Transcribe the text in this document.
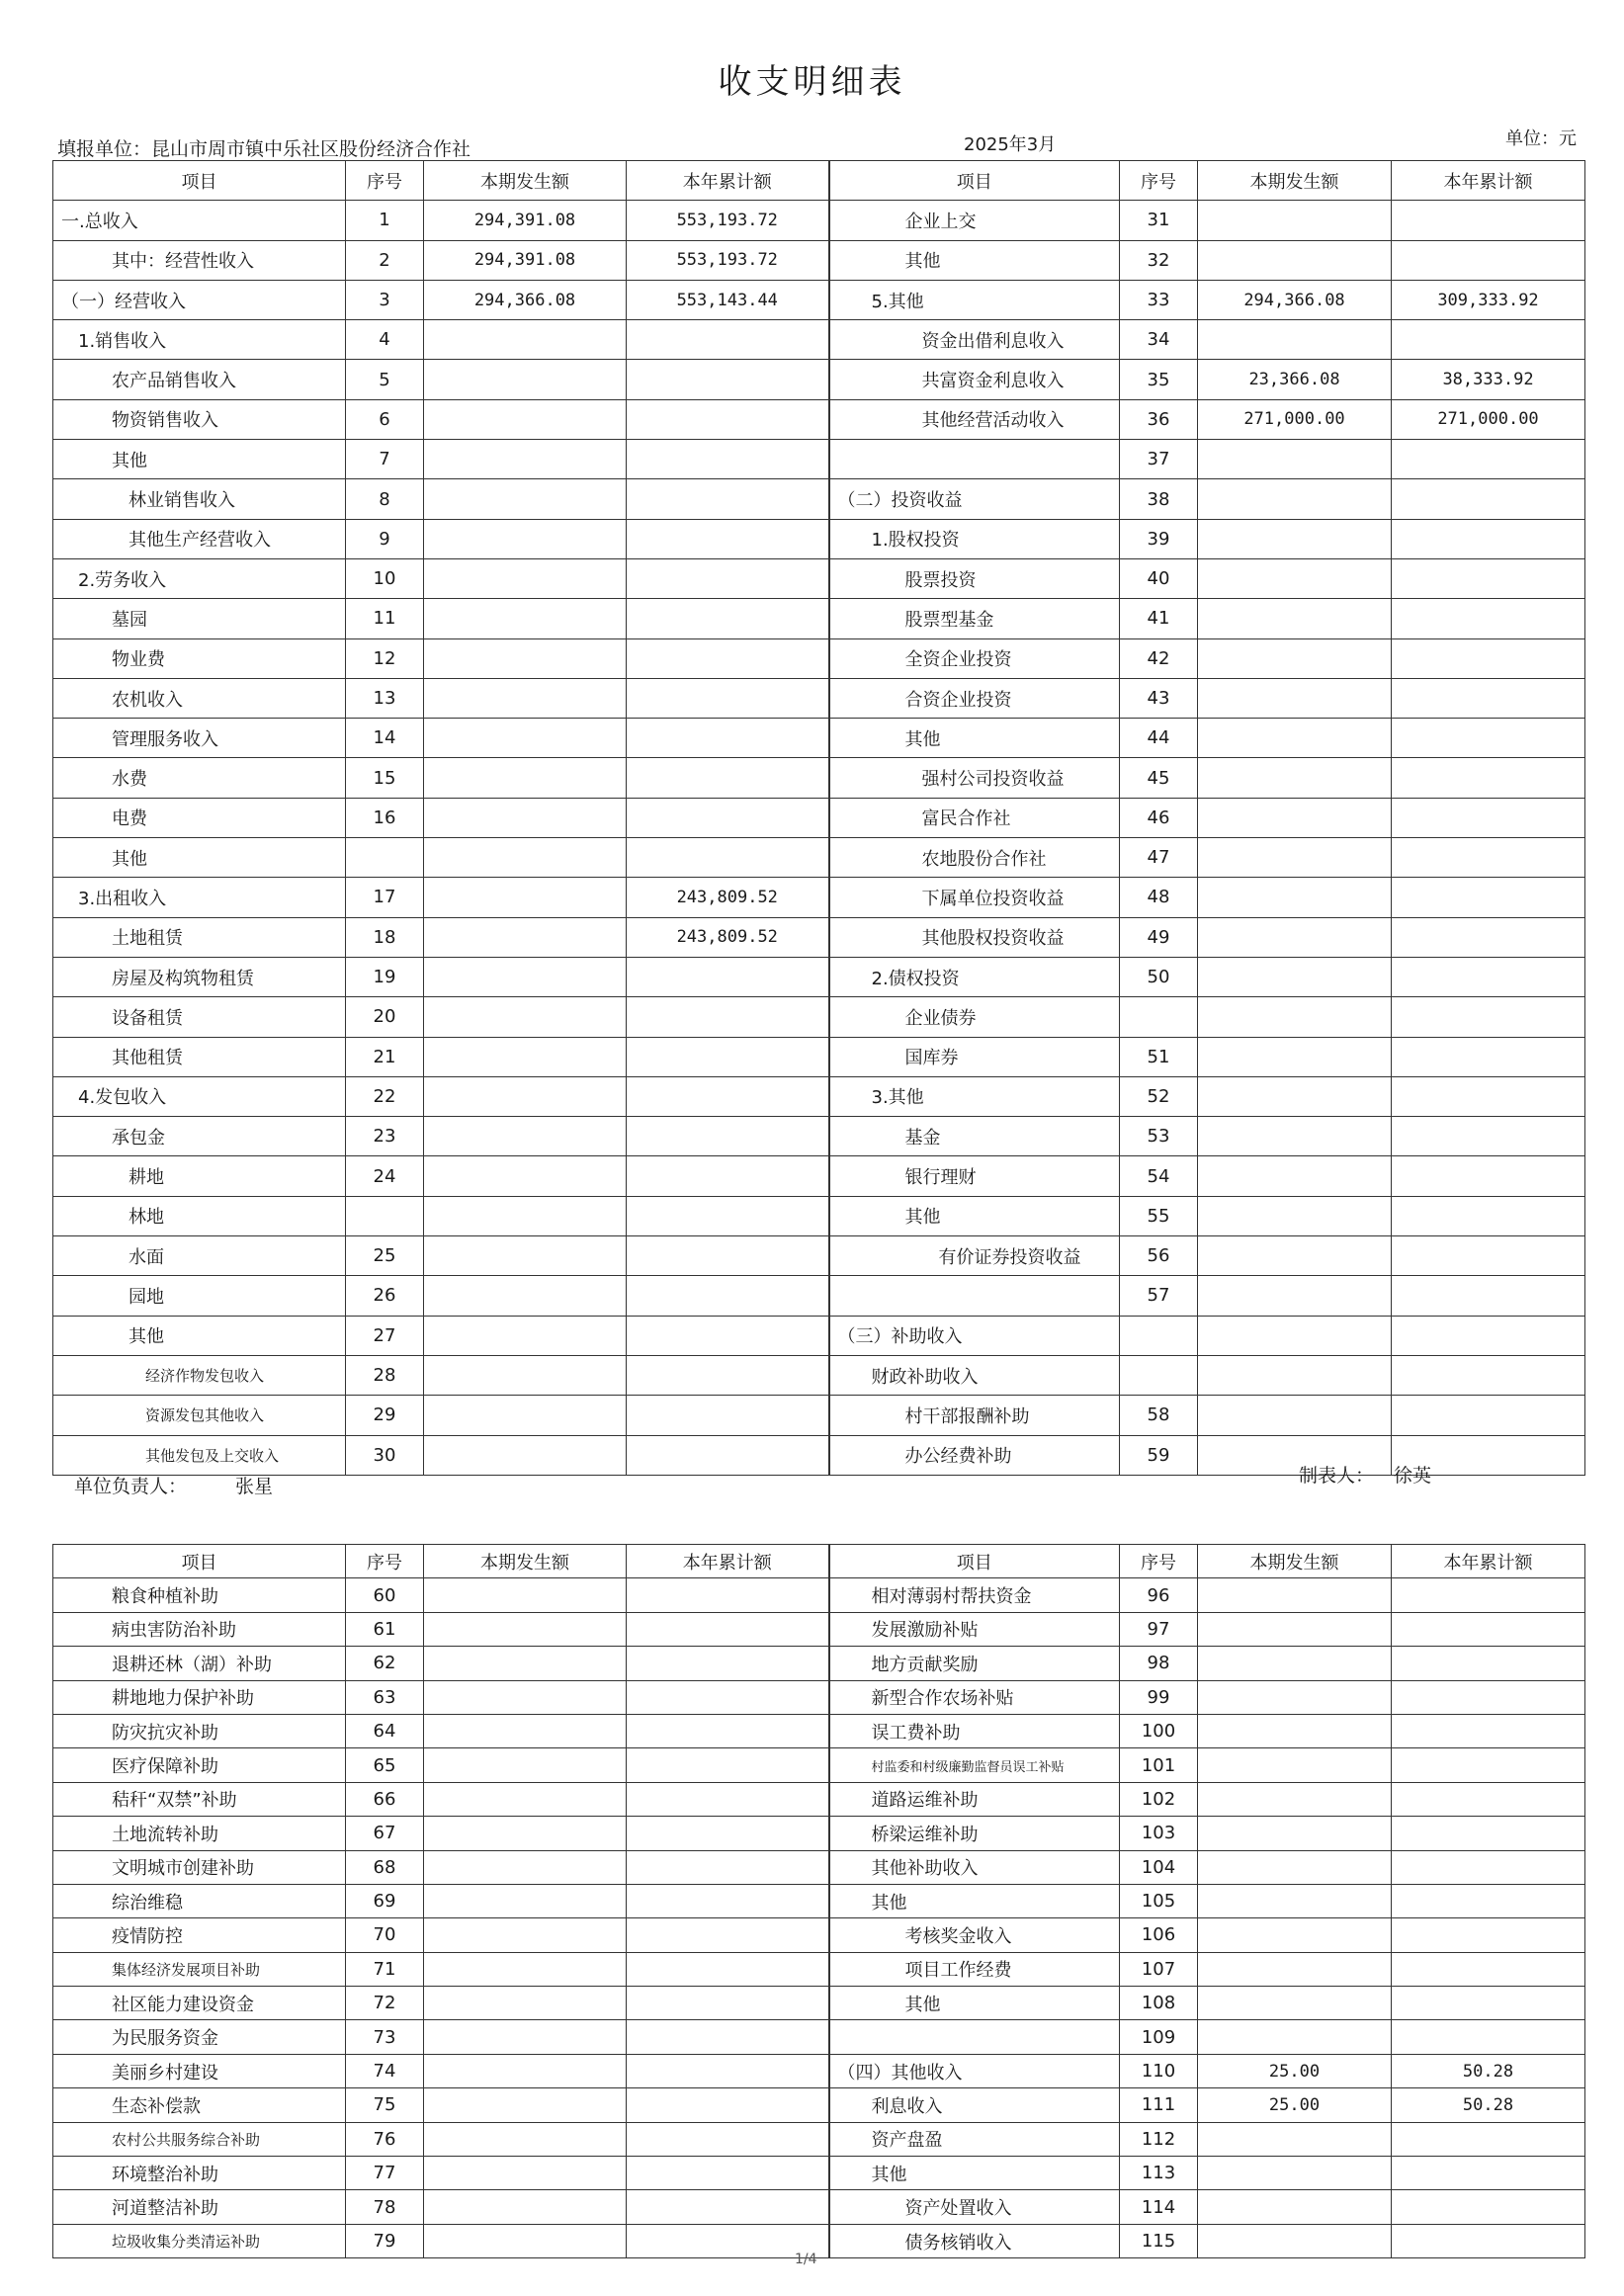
收支明细表
填报单位：昆山市周市镇中乐社区股份经济合作社	2025年3月	单位：元
项目	序号	本期发生额	本年累计额	项目	序号	本期发生额	本年累计额
一.总收入	1	294,391.08	553,193.72	企业上交	31		
其中：经营性收入	2	294,391.08	553,193.72	其他	32		
（一）经营收入	3	294,366.08	553,143.44	5.其他	33	294,366.08	309,333.92
1.销售收入	4			资金出借利息收入	34		
农产品销售收入	5			共富资金利息收入	35	23,366.08	38,333.92
物资销售收入	6			其他经营活动收入	36	271,000.00	271,000.00
其他	7				37		
林业销售收入	8			（二）投资收益	38		
其他生产经营收入	9			1.股权投资	39		
2.劳务收入	10			股票投资	40		
墓园	11			股票型基金	41		
物业费	12			全资企业投资	42		
农机收入	13			合资企业投资	43		
管理服务收入	14			其他	44		
水费	15			强村公司投资收益	45		
电费	16			富民合作社	46		
其他				农地股份合作社	47		
3.出租收入	17		243,809.52	下属单位投资收益	48		
土地租赁	18		243,809.52	其他股权投资收益	49		
房屋及构筑物租赁	19			2.债权投资	50		
设备租赁	20			企业债券			
其他租赁	21			国库券	51		
4.发包收入	22			3.其他	52		
承包金	23			基金	53		
耕地	24			银行理财	54		
林地				其他	55		
水面	25			有价证券投资收益	56		
园地	26				57		
其他	27			（三）补助收入			
经济作物发包收入	28			财政补助收入			
资源发包其他收入	29			村干部报酬补助	58		
其他发包及上交收入	30			办公经费补助	59		
单位负责人：	张星	制表人： 徐英
项目	序号	本期发生额	本年累计额	项目	序号	本期发生额	本年累计额
粮食种植补助	60			相对薄弱村帮扶资金	96		
病虫害防治补助	61			发展激励补贴	97		
退耕还林（湖）补助	62			地方贡献奖励	98		
耕地地力保护补助	63			新型合作农场补贴	99		
防灾抗灾补助	64			误工费补助	100		
医疗保障补助	65			村监委和村级廉勤监督员误工补贴	101		
秸秆“双禁”补助	66			道路运维补助	102		
土地流转补助	67			桥梁运维补助	103		
文明城市创建补助	68			其他补助收入	104		
综治维稳	69			其他	105		
疫情防控	70			考核奖金收入	106		
集体经济发展项目补助	71			项目工作经费	107		
社区能力建设资金	72			其他	108		
为民服务资金	73				109		
美丽乡村建设	74			（四）其他收入	110	25.00	50.28
生态补偿款	75			利息收入	111	25.00	50.28
农村公共服务综合补助	76			资产盘盈	112		
环境整治补助	77			其他	113		
河道整洁补助	78			资产处置收入	114		
垃圾收集分类清运补助	79			债务核销收入	115		
1/4
